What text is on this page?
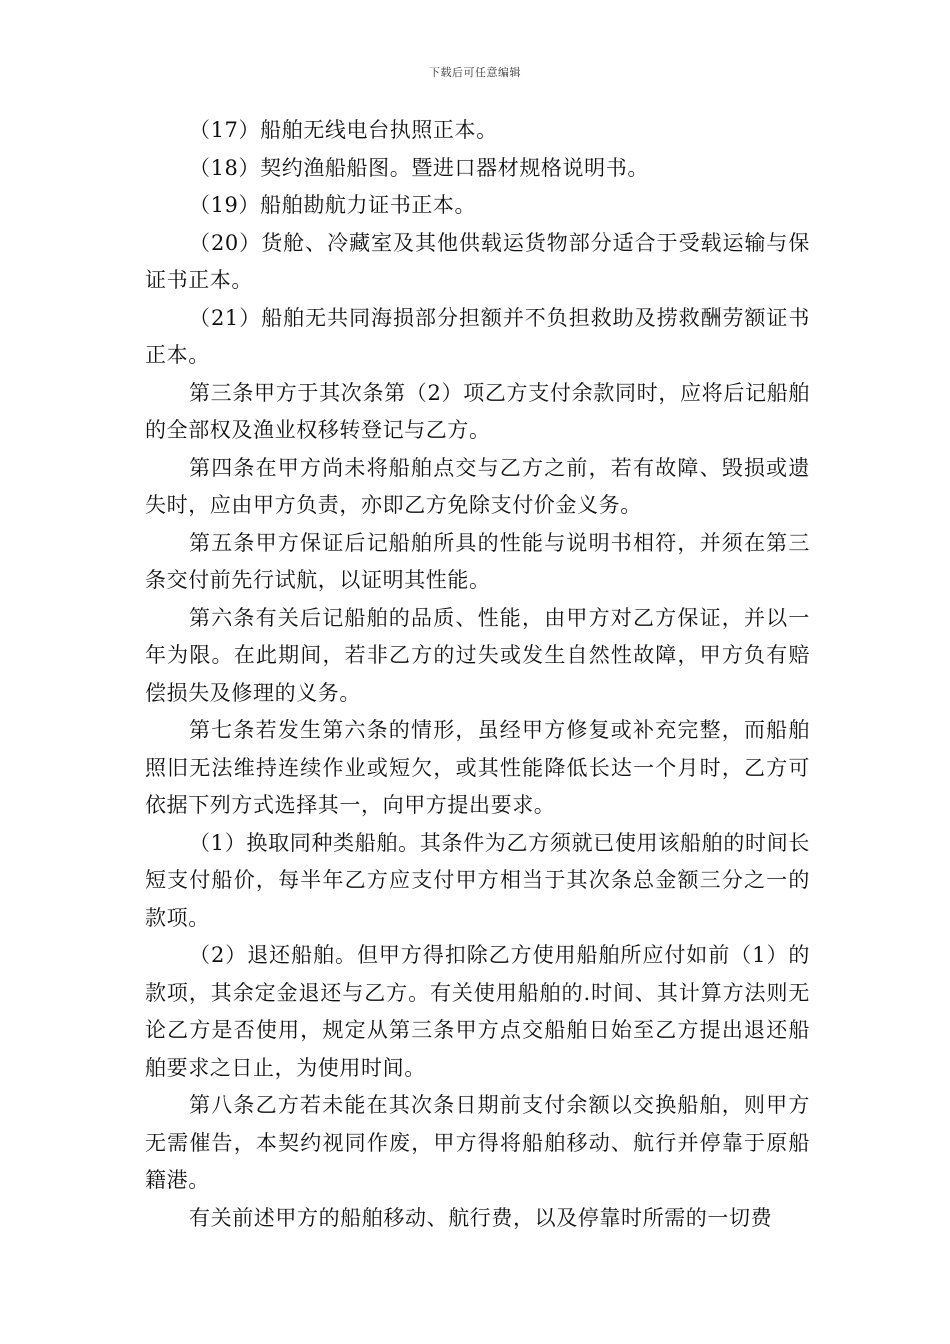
下载后可任意编辑

（17）船舶无线电台执照正本。

（18）契约渔船船图。暨进口器材规格说明书。

（19）船舶勘航力证书正本。

（20）货舱、冷藏室及其他供载运货物部分适合于受载运输与保证书正本。

（21）船舶无共同海损部分担额并不负担救助及捞救酬劳额证书正本。

第三条甲方于其次条第（2）项乙方支付余款同时，应将后记船舶的全部权及渔业权移转登记与乙方。

第四条在甲方尚未将船舶点交与乙方之前，若有故障、毁损或遗失时，应由甲方负责，亦即乙方免除支付价金义务。

第五条甲方保证后记船舶所具的性能与说明书相符，并须在第三条交付前先行试航，以证明其性能。

第六条有关后记船舶的品质、性能，由甲方对乙方保证，并以一年为限。在此期间，若非乙方的过失或发生自然性故障，甲方负有赔偿损失及修理的义务。

第七条若发生第六条的情形，虽经甲方修复或补充完整，而船舶照旧无法维持连续作业或短欠，或其性能降低长达一个月时，乙方可依据下列方式选择其一，向甲方提出要求。

（1）换取同种类船舶。其条件为乙方须就已使用该船舶的时间长短支付船价，每半年乙方应支付甲方相当于其次条总金额三分之一的款项。

（2）退还船舶。但甲方得扣除乙方使用船舶所应付如前（1）的款项，其余定金退还与乙方。有关使用船舶的.时间、其计算方法则无论乙方是否使用，规定从第三条甲方点交船舶日始至乙方提出退还船舶要求之日止，为使用时间。

第八条乙方若未能在其次条日期前支付余额以交换船舶，则甲方无需催告，本契约视同作废，甲方得将船舶移动、航行并停靠于原船籍港。

有关前述甲方的船舶移动、航行费，以及停靠时所需的一切费
